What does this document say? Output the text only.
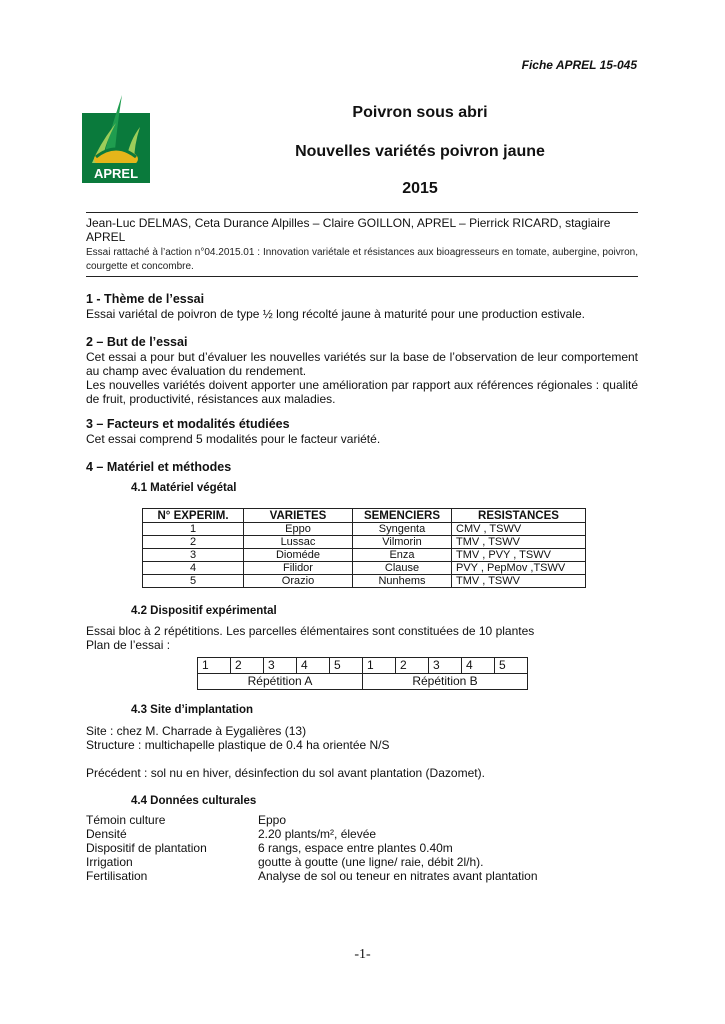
Fiche APREL 15-045
APREL
Poivron sous abri
Nouvelles variétés poivron jaune
2015
Jean-Luc DELMAS, Ceta Durance Alpilles – Claire GOILLON, APREL – Pierrick RICARD, stagiaire APREL
Essai rattaché à l’action n°04.2015.01 : Innovation variétale et résistances aux bioagresseurs en tomate, aubergine, poivron, courgette et concombre.
1 - Thème de l’essai
Essai variétal de poivron de type ½ long récolté jaune à maturité pour une production estivale.
2 – But de l’essai
Cet essai a pour but d’évaluer les nouvelles variétés sur la base de l’observation de leur comportement au champ avec évaluation du rendement.
Les nouvelles variétés doivent apporter une amélioration par rapport aux références régionales : qualité de fruit, productivité, résistances aux maladies.
3 – Facteurs et modalités étudiées
Cet essai comprend 5 modalités pour le facteur variété.
4 – Matériel et méthodes
4.1 Matériel végétal
N° EXPERIM.	VARIETES	SEMENCIERS	RESISTANCES
1	Eppo	Syngenta	CMV , TSWV
2	Lussac	Vilmorin	TMV , TSWV
3	Dioméde	Enza	TMV , PVY , TSWV
4	Filidor	Clause	PVY , PepMov ,TSWV
5	Orazio	Nunhems	TMV , TSWV
4.2 Dispositif expérimental
Essai bloc à 2 répétitions. Les parcelles élémentaires sont constituées de 10 plantes
Plan de l’essai :
1	2	3	4	5	1	2	3	4	5
Répétition A					Répétition B				
4.3 Site d’implantation
Site : chez M. Charrade à Eygalières (13)
Structure : multichapelle plastique de 0.4 ha orientée N/S
Précédent : sol nu en hiver, désinfection du sol avant plantation (Dazomet).
4.4 Données culturales
Témoin culture	Eppo
Densité	2.20 plants/m², élevée
Dispositif de plantation	6 rangs, espace entre plantes 0.40m
Irrigation	goutte à goutte (une ligne/ raie, débit 2l/h).
Fertilisation	Analyse de sol ou teneur en nitrates avant plantation
-1-
